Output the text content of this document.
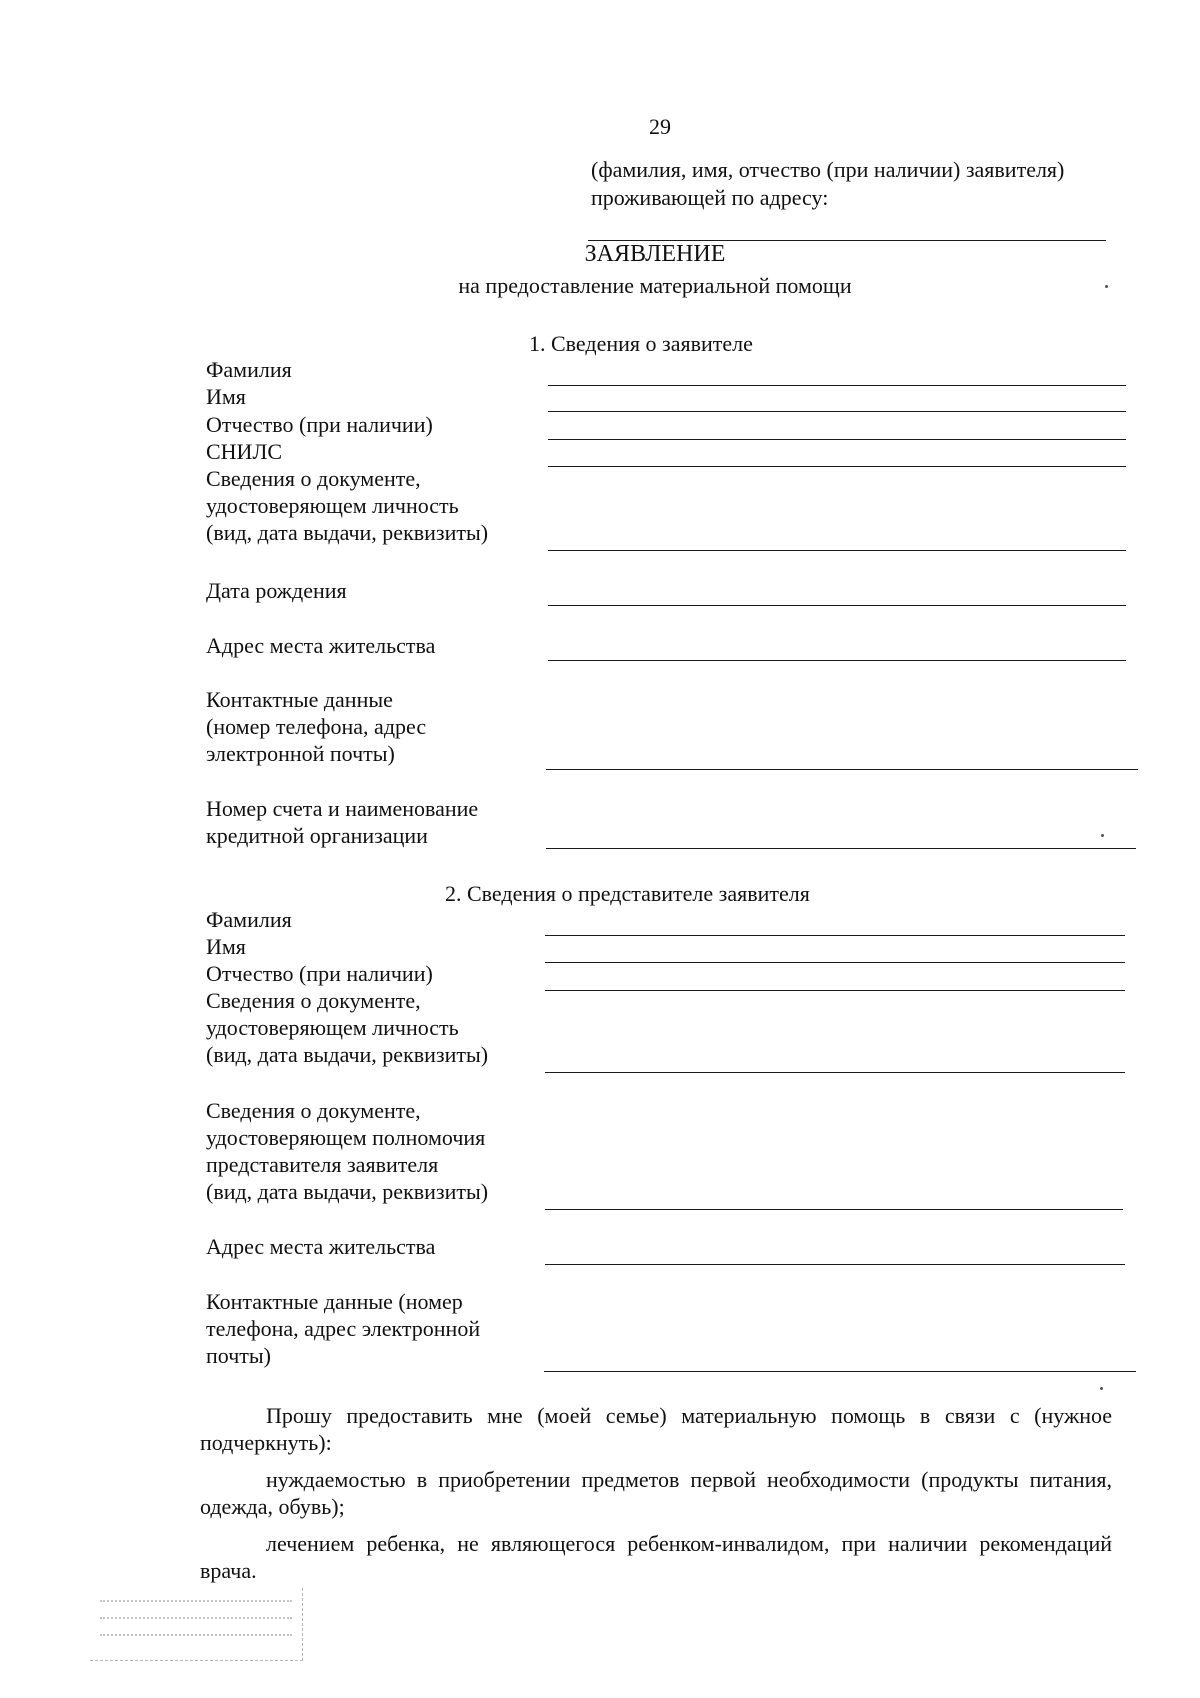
29
(фамилия, имя, отчество (при наличии) заявителя)
проживающей по адресу:
ЗАЯВЛЕНИЕ
на предоставление материальной помощи
1. Сведения о заявителе
Фамилия
Имя
Отчество (при наличии)
СНИЛС
Сведения о документе,
удостоверяющем личность
(вид, дата выдачи, реквизиты)
Дата рождения
Адрес места жительства
Контактные данные
(номер телефона, адрес
электронной почты)
Номер счета и наименование
кредитной организации
2. Сведения о представителе заявителя
Фамилия
Имя
Отчество (при наличии)
Сведения о документе,
удостоверяющем личность
(вид, дата выдачи, реквизиты)
Сведения о документе,
удостоверяющем полномочия
представителя заявителя
(вид, дата выдачи, реквизиты)
Адрес места жительства
Контактные данные (номер
телефона, адрес электронной
почты)
Прошу предоставить мне (моей семье) материальную помощь в связи с (нужное подчеркнуть):
нуждаемостью в приобретении предметов первой необходимости (продукты питания, одежда, обувь);
лечением ребенка, не являющегося ребенком-инвалидом, при наличии рекомендаций врача.
